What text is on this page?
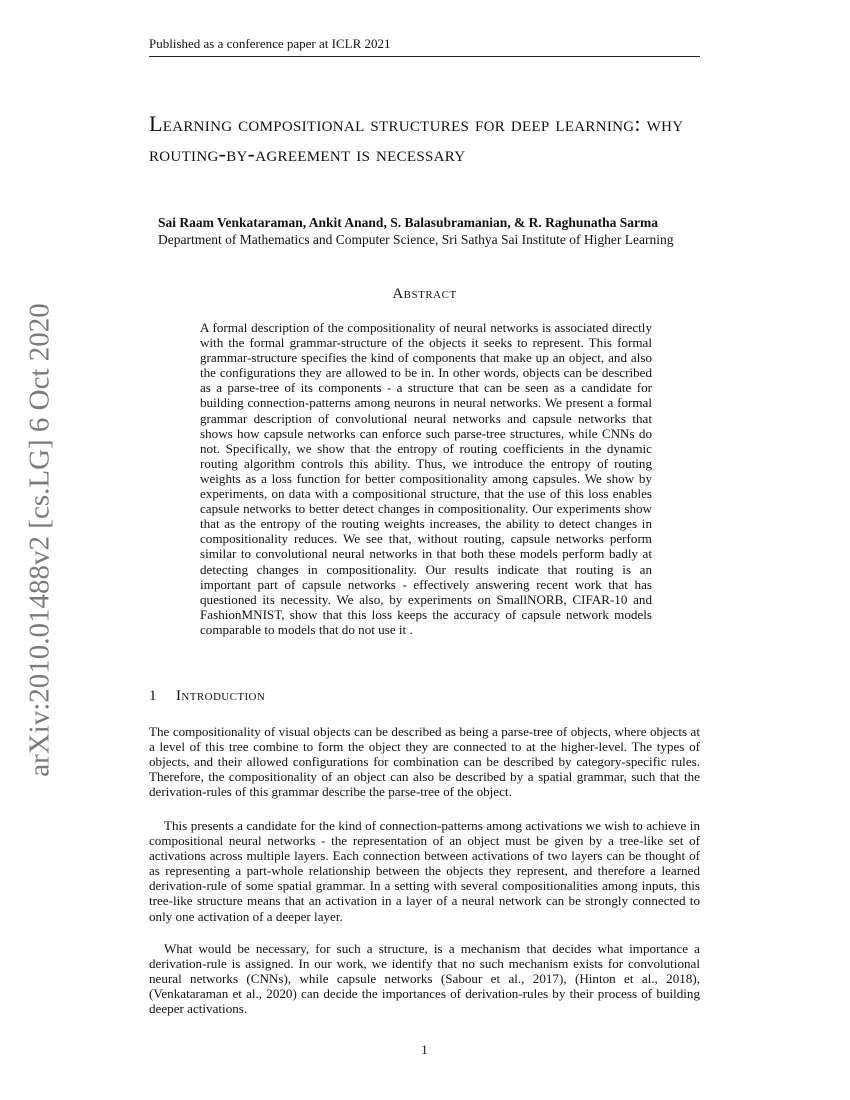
Published as a conference paper at ICLR 2021
Learning compositional structures for deep learning: why routing-by-agreement is necessary
Sai Raam Venkataraman, Ankit Anand, S. Balasubramanian, & R. Raghunatha Sarma
Department of Mathematics and Computer Science, Sri Sathya Sai Institute of Higher Learning
Abstract
A formal description of the compositionality of neural networks is associated directly with the formal grammar-structure of the objects it seeks to represent. This formal grammar-structure specifies the kind of components that make up an object, and also the configurations they are allowed to be in. In other words, objects can be described as a parse-tree of its components - a structure that can be seen as a candidate for building connection-patterns among neurons in neural networks. We present a formal grammar description of convolutional neural networks and capsule networks that shows how capsule networks can enforce such parse-tree structures, while CNNs do not. Specifically, we show that the entropy of routing coefficients in the dynamic routing algorithm controls this ability. Thus, we introduce the entropy of routing weights as a loss function for better compositionality among capsules. We show by experiments, on data with a compositional structure, that the use of this loss enables capsule networks to better detect changes in compositionality. Our experiments show that as the entropy of the routing weights increases, the ability to detect changes in compositionality reduces. We see that, without routing, capsule networks perform similar to convolutional neural networks in that both these models perform badly at detecting changes in compositionality. Our results indicate that routing is an important part of capsule networks - effectively answering recent work that has questioned its necessity. We also, by experiments on SmallNORB, CIFAR-10 and FashionMNIST, show that this loss keeps the accuracy of capsule network models comparable to models that do not use it .
1 Introduction

The compositionality of visual objects can be described as being a parse-tree of objects, where objects at a level of this tree combine to form the object they are connected to at the higher-level. The types of objects, and their allowed configurations for combination can be described by category-specific rules. Therefore, the compositionality of an object can also be described by a spatial grammar, such that the derivation-rules of this grammar describe the parse-tree of the object.

This presents a candidate for the kind of connection-patterns among activations we wish to achieve in compositional neural networks - the representation of an object must be given by a tree-like set of activations across multiple layers. Each connection between activations of two layers can be thought of as representing a part-whole relationship between the objects they represent, and therefore a learned derivation-rule of some spatial grammar. In a setting with several compositionalities among inputs, this tree-like structure means that an activation in a layer of a neural network can be strongly connected to only one activation of a deeper layer.

What would be necessary, for such a structure, is a mechanism that decides what importance a derivation-rule is assigned. In our work, we identify that no such mechanism exists for convolutional neural networks (CNNs), while capsule networks (Sabour et al., 2017), (Hinton et al., 2018), (Venkataraman et al., 2020) can decide the importances of derivation-rules by their process of building deeper activations.

1
arXiv:2010.01488v2 [cs.LG] 6 Oct 2020
